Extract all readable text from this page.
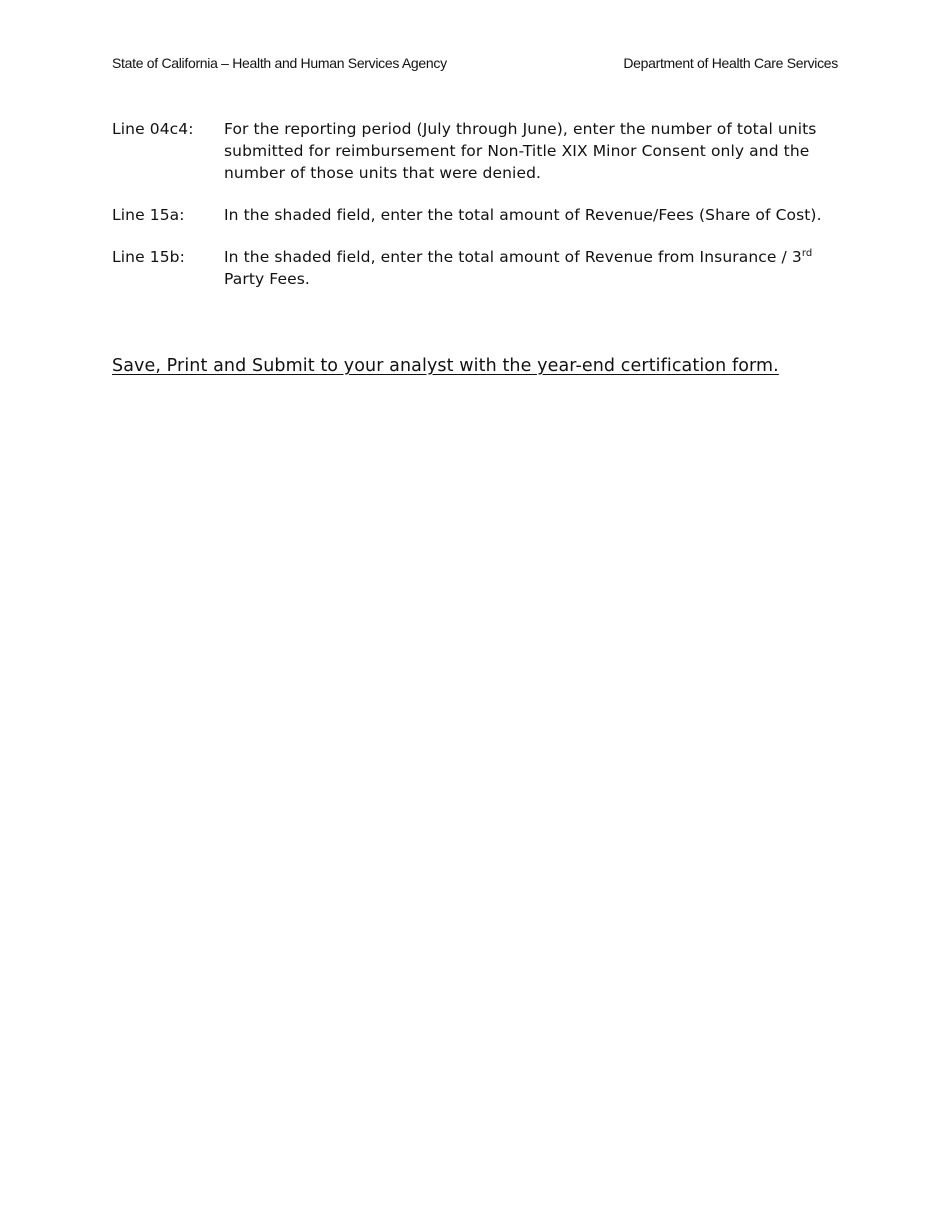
State of California – Health and Human Services Agency	Department of Health Care Services
Line 04c4:	For the reporting period (July through June), enter the number of total units submitted for reimbursement for Non-Title XIX Minor Consent only and the number of those units that were denied.
Line 15a:	In the shaded field, enter the total amount of Revenue/Fees (Share of Cost).
Line 15b:	In the shaded field, enter the total amount of Revenue from Insurance / 3rd Party Fees.
Save, Print and Submit to your analyst with the year-end certification form.
